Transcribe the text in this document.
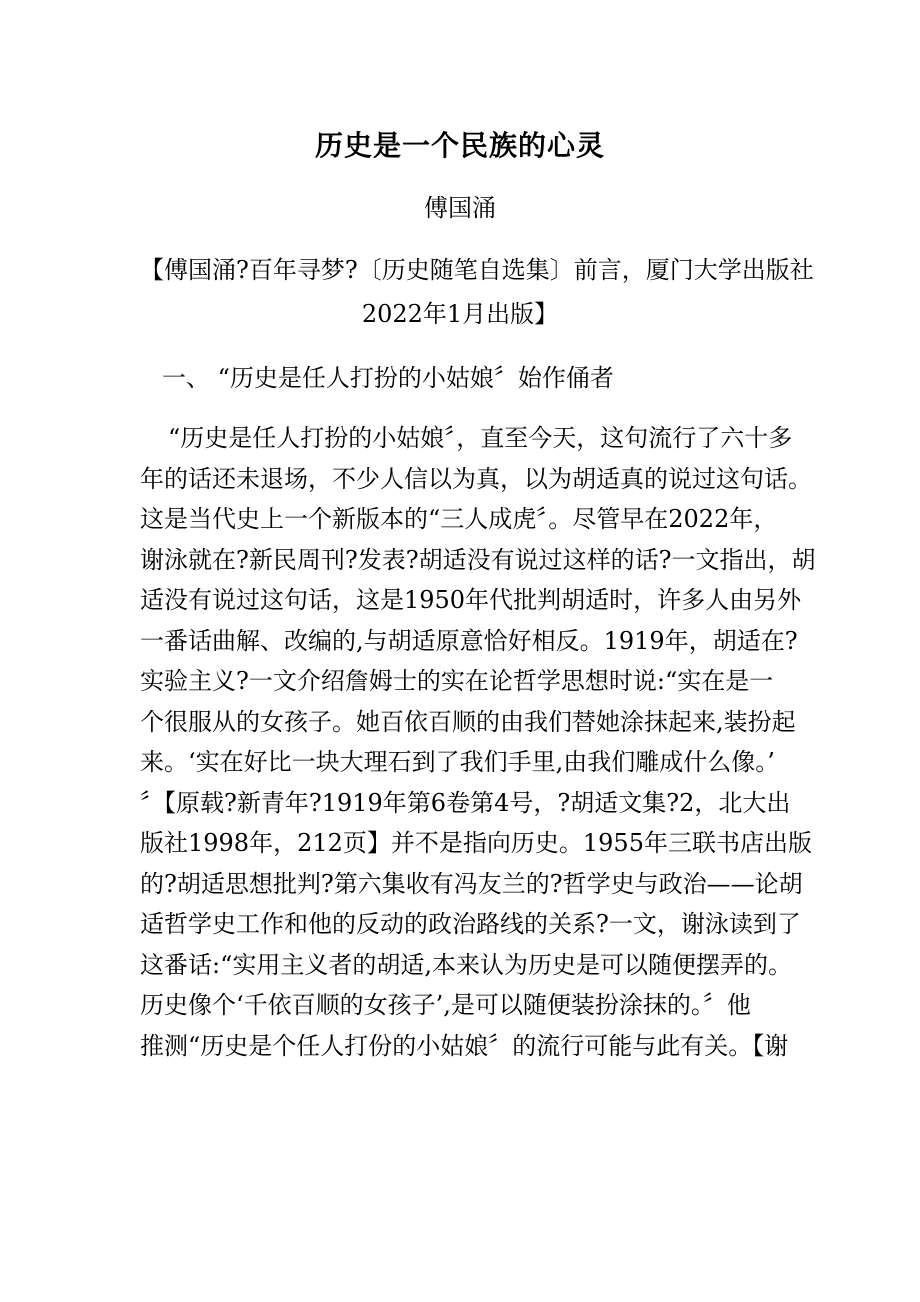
历史是一个民族的心灵
傅国涌
【傅国涌?百年寻梦?〔历史随笔自选集〕前言，厦门大学出版社
2022年1月出版】
一、 “历史是任人打扮的小姑娘〞始作俑者
“历史是任人打扮的小姑娘〞，直至今天，这句流行了六十多
年的话还未退场，不少人信以为真，以为胡适真的说过这句话。
这是当代史上一个新版本的“三人成虎〞。尽管早在2022年，
谢泳就在?新民周刊?发表?胡适没有说过这样的话?一文指出，胡
适没有说过这句话，这是1950年代批判胡适时，许多人由另外
一番话曲解、改编的,与胡适原意恰好相反。1919年，胡适在?
实验主义?一文介绍詹姆士的实在论哲学思想时说:“实在是一
个很服从的女孩子。她百依百顺的由我们替她涂抹起来,装扮起
来。‘实在好比一块大理石到了我们手里,由我们雕成什么像。’
〞【原载?新青年?1919年第6卷第4号，?胡适文集?2，北大出
版社1998年，212页】并不是指向历史。1955年三联书店出版
的?胡适思想批判?第六集收有冯友兰的?哲学史与政治——论胡
适哲学史工作和他的反动的政治路线的关系?一文，谢泳读到了
这番话:“实用主义者的胡适,本来认为历史是可以随便摆弄的。
历史像个‘千依百顺的女孩子’,是可以随便装扮涂抹的。〞他
推测“历史是个任人打份的小姑娘〞的流行可能与此有关。【谢
